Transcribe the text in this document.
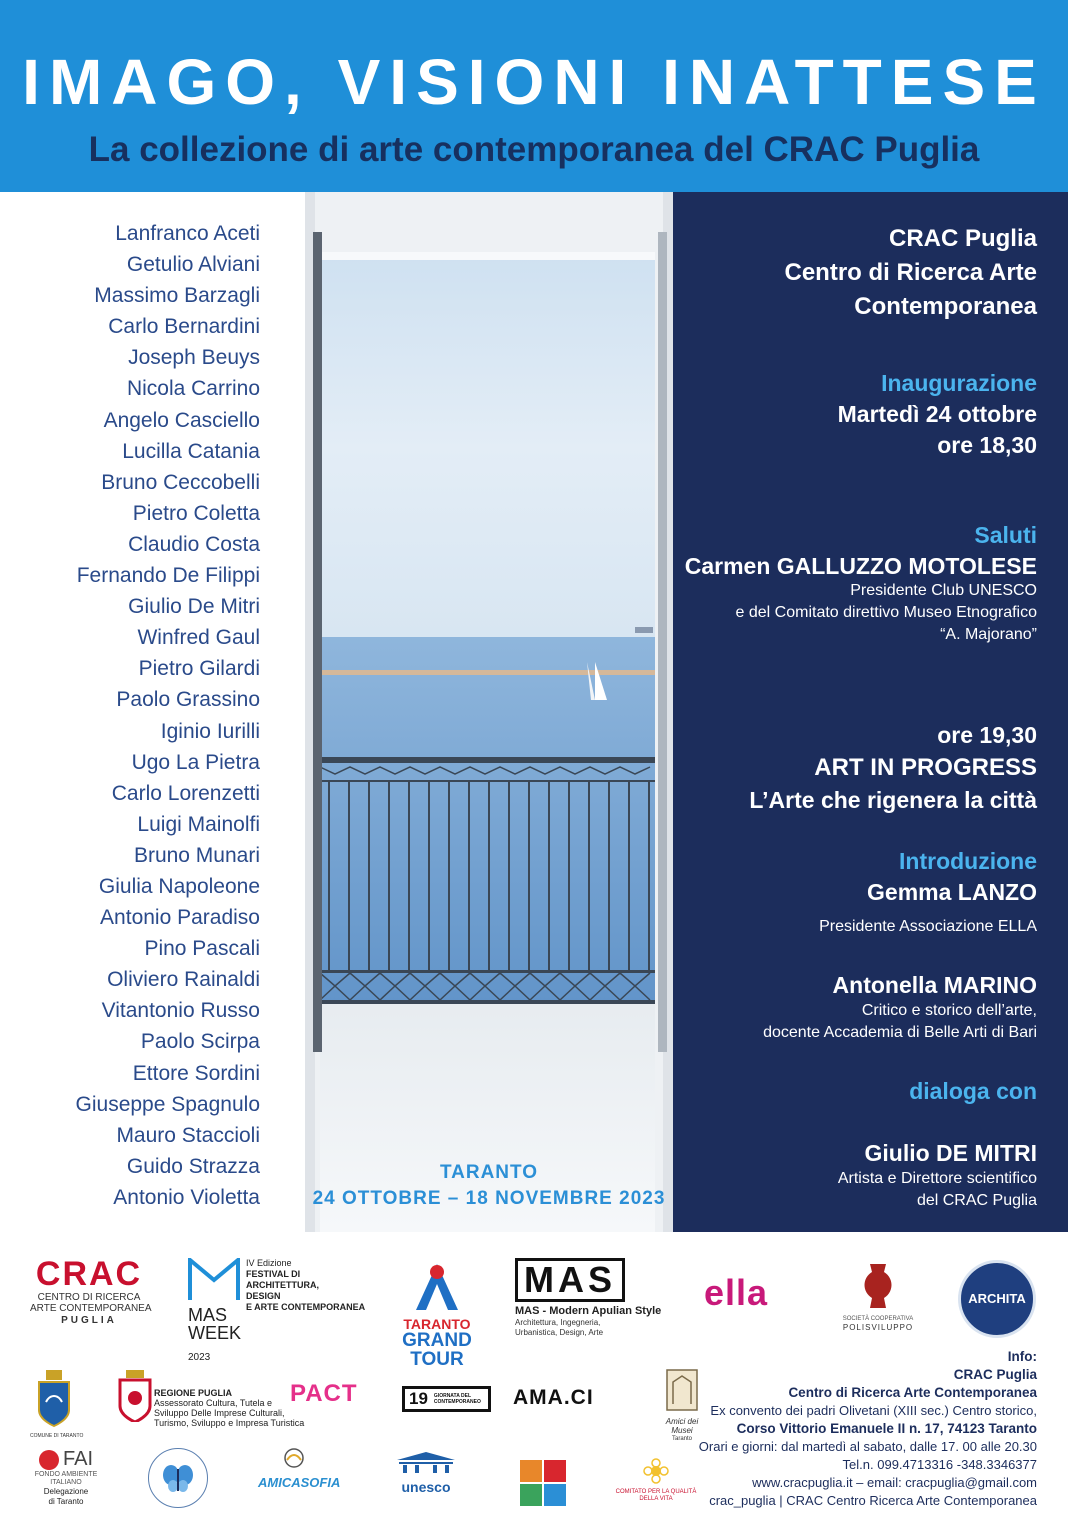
IMAGO, VISIONI INATTESE
La collezione di arte contemporanea del CRAC Puglia
Lanfranco Aceti
Getulio Alviani
Massimo Barzagli
Carlo Bernardini
Joseph Beuys
Nicola Carrino
Angelo Casciello
Lucilla Catania
Bruno Ceccobelli
Pietro Coletta
Claudio Costa
Fernando De Filippi
Giulio De Mitri
Winfred Gaul
Pietro Gilardi
Paolo Grassino
Iginio Iurilli
Ugo La Pietra
Carlo Lorenzetti
Luigi Mainolfi
Bruno Munari
Giulia Napoleone
Antonio Paradiso
Pino Pascali
Oliviero Rainaldi
Vitantonio Russo
Paolo Scirpa
Ettore Sordini
Giuseppe Spagnulo
Mauro Staccioli
Guido Strazza
Antonio Violetta
TARANTO
24 OTTOBRE – 18 NOVEMBRE 2023
CRAC Puglia
Centro di Ricerca Arte
Contemporanea
Inaugurazione
Martedì 24 ottobre
ore 18,30
Saluti
Carmen GALLUZZO MOTOLESE
Presidente Club UNESCO
e del Comitato direttivo Museo Etnografico
“A. Majorano”
ore 19,30
ART IN PROGRESS
L’Arte che rigenera la città
Introduzione
Gemma LANZO
Presidente Associazione ELLA
Antonella MARINO
Critico e storico dell’arte,
docente Accademia di Belle Arti di Bari
dialoga con
Giulio DE MITRI
Artista e Direttore scientifico
del CRAC Puglia
CRAC
CENTRO DI RICERCA
ARTE CONTEMPORANEA
PUGLIA
IV Edizione
FESTIVAL DI
ARCHITETTURA,
DESIGN
E ARTE CONTEMPORANEA
MAS
WEEK
2023
TARANTO
GRAND
TOUR
MAS
MAS - Modern Apulian Style
Architettura, Ingegneria,
Urbanistica, Design, Arte
ella
SOCIETÀ COOPERATIVA
POLISVILUPPO
ARCHITA
COMUNE DI TARANTO
REGIONE PUGLIA
Assessorato Cultura, Tutela e
Sviluppo Delle Imprese Culturali,
Turismo, Sviluppo e Impresa Turistica
PACT	19 GIORNATA DEL CONTEMPORANEO AMA.CI
Amici dei
Musei
Taranto
FAI
FONDO AMBIENTE
ITALIANO
Delegazione
di Taranto
AMICASOFIA	unesco	COMITATO PER LA QUALITÀ DELLA VITA
Info:
CRAC Puglia
Centro di Ricerca Arte Contemporanea
Ex convento dei padri Olivetani (XIII sec.) Centro storico,
Corso Vittorio Emanuele II n. 17, 74123 Taranto
Orari e giorni: dal martedì al sabato, dalle 17. 00 alle 20.30
Tel.n. 099.4713316 -348.3346377
www.cracpuglia.it – email: cracpuglia@gmail.com
crac_puglia | CRAC Centro Ricerca Arte Contemporanea
